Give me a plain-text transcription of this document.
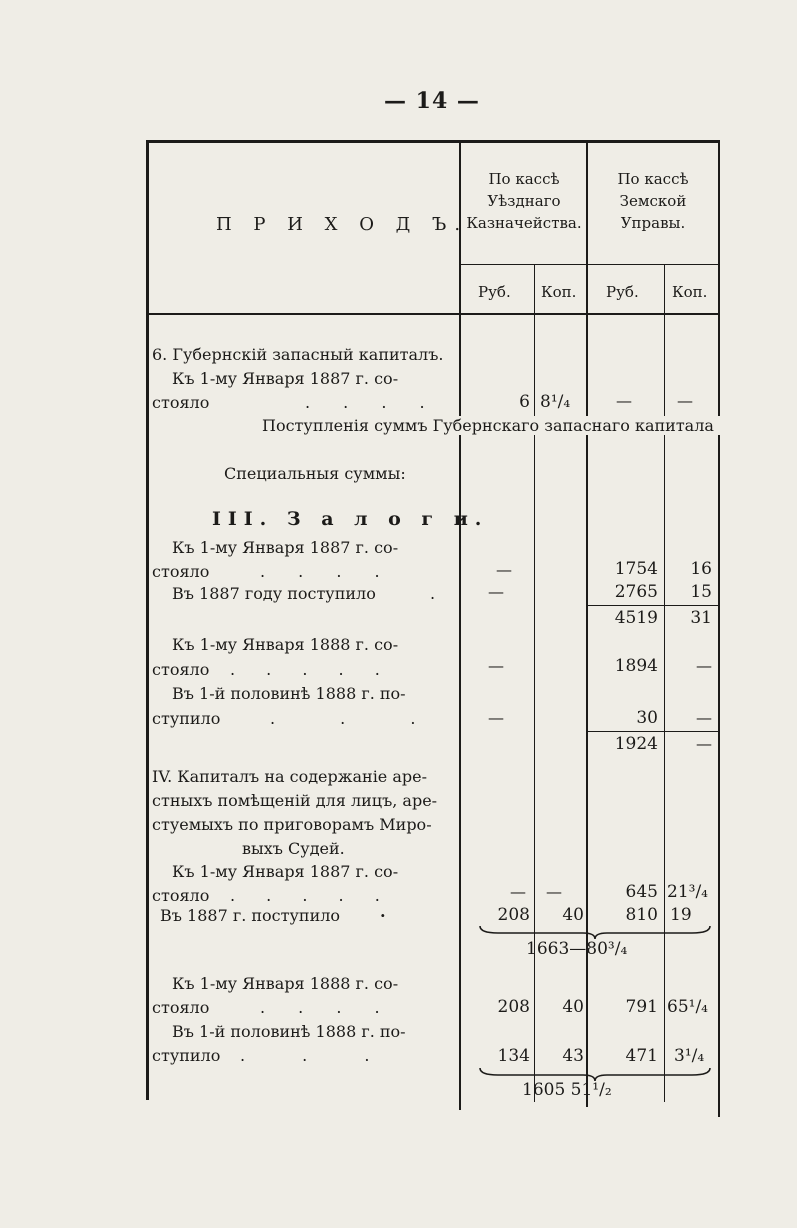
— 14 —
П Р И Х О Д Ъ.
По кассѣ Уѣзднаго Казначейства.
По кассѣ Земской Управы.
Руб. Коп. Руб. Коп.
6. Губернскій запасный капиталъ.
Къ 1-му Января 1887 г. со-
стояло	. . . .	6 8¹/₄	—	—
Поступленія суммъ Губернскаго запаснаго капитала
Специальныя суммы:
III. З а л о г и.
Къ 1-му Января 1887 г. со-
стояло	. . . .	—	1754	16
Въ 1887 году поступило	.	—	2765	15
4519	31
Къ 1-му Января 1888 г. со-
стояло . . . . .	—	1894 —
Въ 1-й половинѣ 1888 г. по-
ступило	. . .	—	30 —
1924 —
IV. Капиталъ на содержаніе аре-
стныхъ помѣщеній для лицъ, аре-
стуемыхъ по приговорамъ Миро-
выхъ Судей.
Къ 1-му Января 1887 г. со-
стояло . . . . .	— —	645 21³/₄
Въ 1887 г. поступило .	208	40	810 19
1663—80³/₄
Къ 1-му Января 1888 г. со-
стояло	. . . .	208	40	791 65¹/₄
Въ 1-й половинѣ 1888 г. по-
ступило . . .	134	43	471 3¹/₄
1605 51¹/₂
